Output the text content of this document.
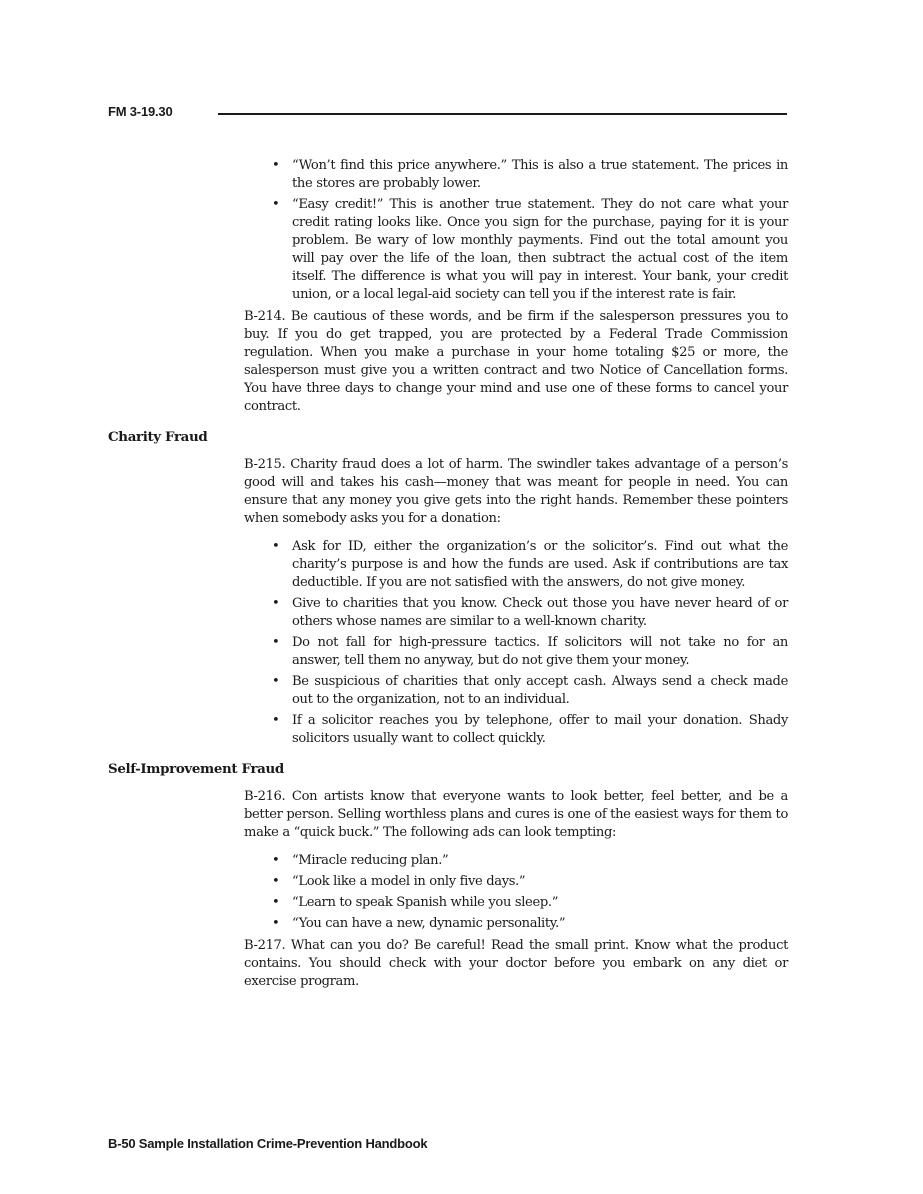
FM 3-19.30
• “Won’t find this price anywhere.” This is also a true statement. The prices in the stores are probably lower.
• “Easy credit!” This is another true statement. They do not care what your credit rating looks like. Once you sign for the purchase, paying for it is your problem. Be wary of low monthly payments. Find out the total amount you will pay over the life of the loan, then subtract the actual cost of the item itself. The difference is what you will pay in interest. Your bank, your credit union, or a local legal-aid society can tell you if the interest rate is fair.

B-214. Be cautious of these words, and be firm if the salesperson pressures you to buy. If you do get trapped, you are protected by a Federal Trade Commission regulation. When you make a purchase in your home totaling $25 or more, the salesperson must give you a written contract and two Notice of Cancellation forms. You have three days to change your mind and use one of these forms to cancel your contract.

Charity Fraud

B-215. Charity fraud does a lot of harm. The swindler takes advantage of a person’s good will and takes his cash—money that was meant for people in need. You can ensure that any money you give gets into the right hands. Remember these pointers when somebody asks you for a donation:

• Ask for ID, either the organization’s or the solicitor’s. Find out what the charity’s purpose is and how the funds are used. Ask if contributions are tax deductible. If you are not satisfied with the answers, do not give money.
• Give to charities that you know. Check out those you have never heard of or others whose names are similar to a well-known charity.
• Do not fall for high-pressure tactics. If solicitors will not take no for an answer, tell them no anyway, but do not give them your money.
• Be suspicious of charities that only accept cash. Always send a check made out to the organization, not to an individual.
• If a solicitor reaches you by telephone, offer to mail your donation. Shady solicitors usually want to collect quickly.
Self-Improvement Fraud

B-216. Con artists know that everyone wants to look better, feel better, and be a better person. Selling worthless plans and cures is one of the easiest ways for them to make a “quick buck.” The following ads can look tempting:

• “Miracle reducing plan.”
• “Look like a model in only five days.”
• “Learn to speak Spanish while you sleep.”
• “You can have a new, dynamic personality.”

B-217. What can you do? Be careful! Read the small print. Know what the product contains. You should check with your doctor before you embark on any diet or exercise program.

B-50 Sample Installation Crime-Prevention Handbook
